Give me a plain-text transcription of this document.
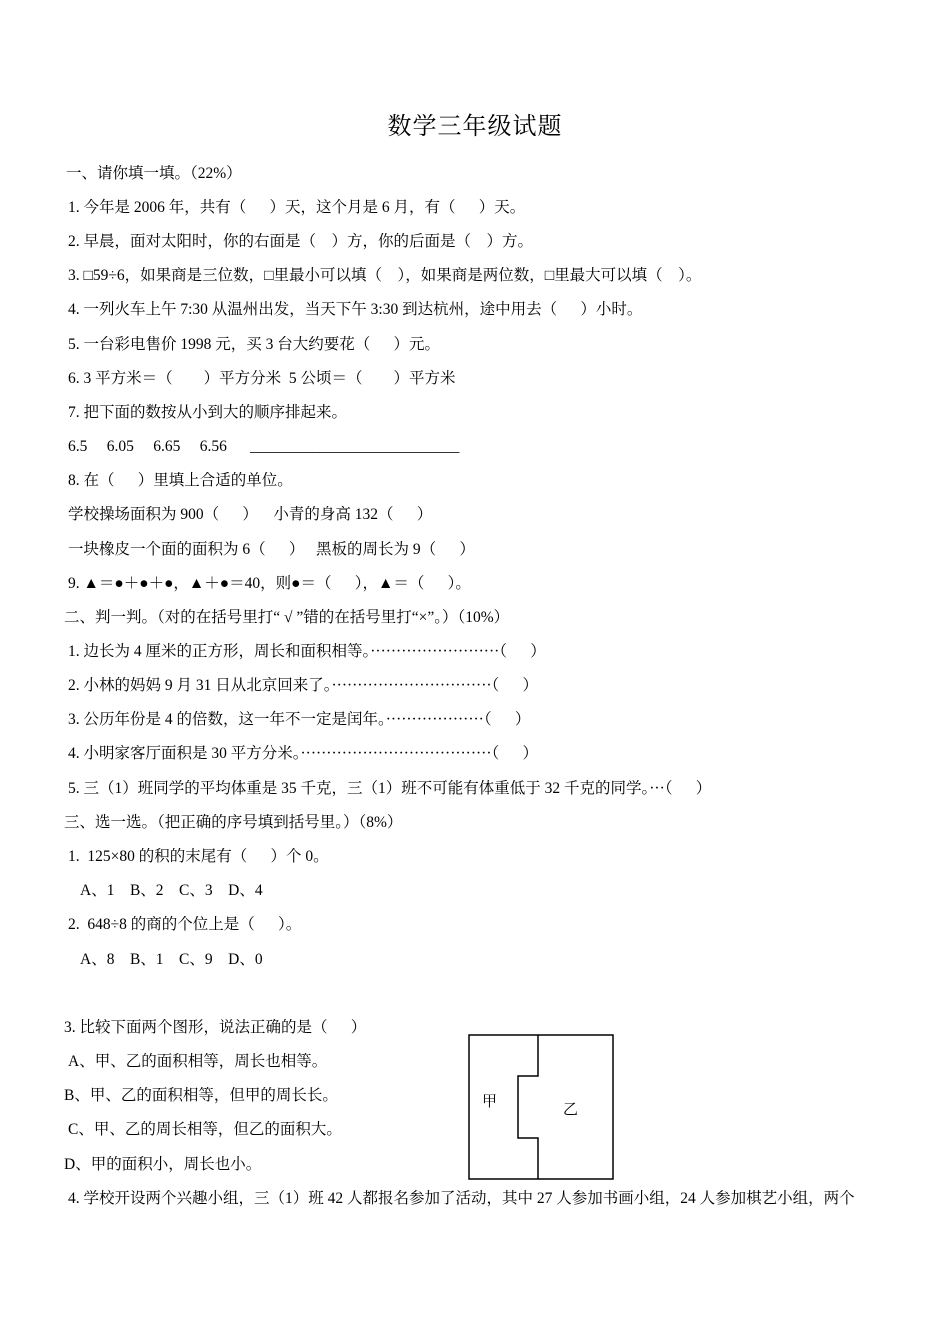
数学三年级试题
一、请你填一填。（22%）
1. 今年是 2006 年，共有（      ）天，这个月是 6 月，有（      ）天。
2. 早晨，面对太阳时，你的右面是（    ）方，你的后面是（    ）方。
3. □59÷6，如果商是三位数，□里最小可以填（    ），如果商是两位数，□里最大可以填（    ）。
4. 一列火车上午 7:30 从温州出发，当天下午 3:30 到达杭州，途中用去（      ）小时。
5. 一台彩电售价 1998 元，买 3 台大约要花（      ）元。
6. 3 平方米＝（        ）平方分米  5 公顷＝（        ）平方米
7. 把下面的数按从小到大的顺序排起来。
6.5     6.05     6.65     6.56      ___________________________
8. 在（      ）里填上合适的单位。
学校操场面积为 900（      ）    小青的身高 132（      ）
一块橡皮一个面的面积为 6（      ）   黑板的周长为 9（      ）
9. ▲＝●＋●＋●，▲＋●＝40，则●＝（      ），▲＝（      ）。
二、判一判。（对的在括号里打“ √ ”错的在括号里打“×”。）（10%）
1. 边长为 4 厘米的正方形，周长和面积相等。·························（      ）
2. 小林的妈妈 9 月 31 日从北京回来了。·······························（      ）
3. 公历年份是 4 的倍数，这一年不一定是闰年。···················（      ）
4. 小明家客厅面积是 30 平方分米。·····································（      ）
5. 三（1）班同学的平均体重是 35 千克，三（1）班不可能有体重低于 32 千克的同学。···（      ）
三、选一选。（把正确的序号填到括号里。）（8%）
1.  125×80 的积的末尾有（      ）个 0。
A、1    B、2    C、3    D、4
2.  648÷8 的商的个位上是（      ）。
A、8    B、1    C、9    D、0
3. 比较下面两个图形，说法正确的是（      ）
A、甲、乙的面积相等，周长也相等。
B、甲、乙的面积相等，但甲的周长长。
C、甲、乙的周长相等，但乙的面积大。
D、甲的面积小，周长也小。
4. 学校开设两个兴趣小组，三（1）班 42 人都报名参加了活动，其中 27 人参加书画小组，24 人参加棋艺小组，两个
甲	乙
